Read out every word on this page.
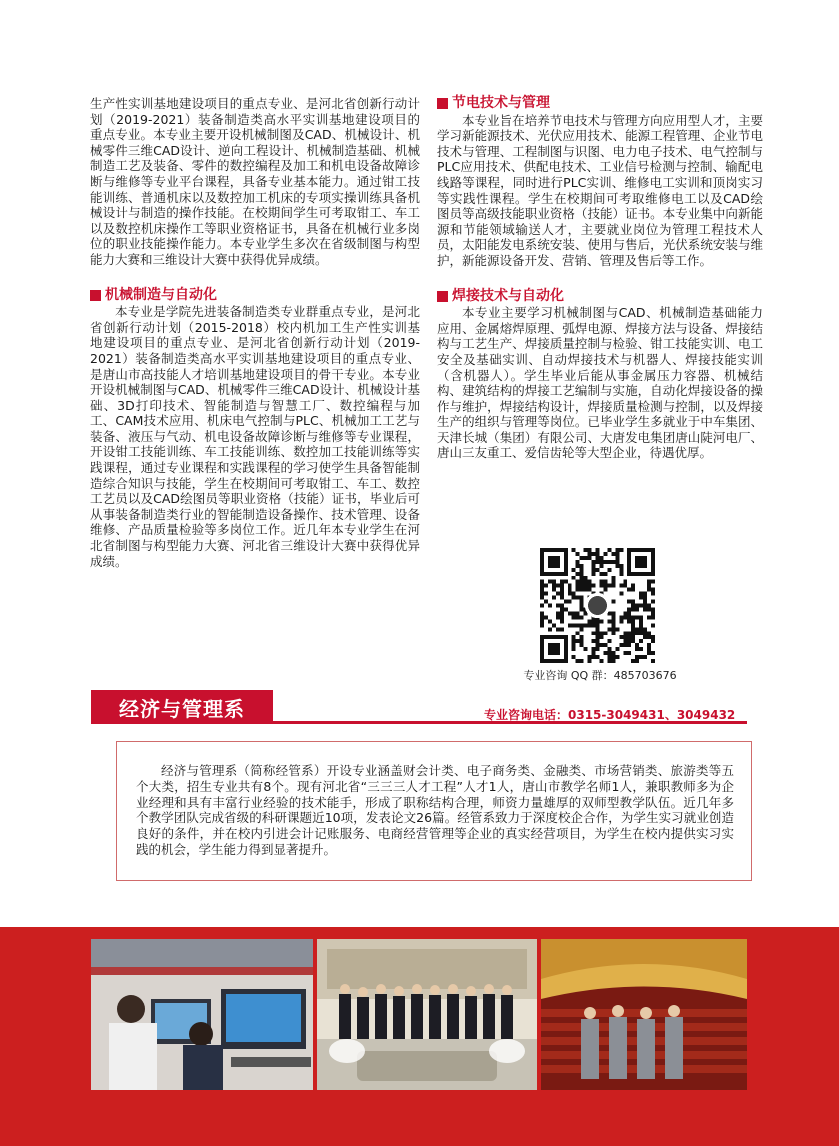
生产性实训基地建设项目的重点专业、是河北省创新行动计划（2019-2021）装备制造类高水平实训基地建设项目的重点专业。本专业主要开设机械制图及CAD、机械设计、机械零件三维CAD设计、逆向工程设计、机械制造基础、机械制造工艺及装备、零件的数控编程及加工和机电设备故障诊断与维修等专业平台课程，具备专业基本能力。通过钳工技能训练、普通机床以及数控加工机床的专项实操训练具备机械设计与制造的操作技能。在校期间学生可考取钳工、车工以及数控机床操作工等职业资格证书，具备在机械行业多岗位的职业技能操作能力。本专业学生多次在省级制图与构型能力大赛和三维设计大赛中获得优异成绩。

机械制造与自动化

本专业是学院先进装备制造类专业群重点专业，是河北省创新行动计划（2015-2018）校内机加工生产性实训基地建设项目的重点专业、是河北省创新行动计划（2019-2021）装备制造类高水平实训基地建设项目的重点专业、是唐山市高技能人才培训基地建设项目的骨干专业。本专业开设机械制图与CAD、机械零件三维CAD设计、机械设计基础、3D打印技术、智能制造与智慧工厂、数控编程与加工、CAM技术应用、机床电气控制与PLC、机械加工工艺与装备、液压与气动、机电设备故障诊断与维修等专业课程，开设钳工技能训练、车工技能训练、数控加工技能训练等实践课程，通过专业课程和实践课程的学习使学生具备智能制造综合知识与技能，学生在校期间可考取钳工、车工、数控工艺员以及CAD绘图员等职业资格（技能）证书，毕业后可从事装备制造类行业的智能制造设备操作、技术管理、设备维修、产品质量检验等多岗位工作。近几年本专业学生在河北省制图与构型能力大赛、河北省三维设计大赛中获得优异成绩。

节电技术与管理

本专业旨在培养节电技术与管理方向应用型人才，主要学习新能源技术、光伏应用技术、能源工程管理、企业节电技术与管理、工程制图与识图、电力电子技术、电气控制与PLC应用技术、供配电技术、工业信号检测与控制、输配电线路等课程，同时进行PLC实训、维修电工实训和顶岗实习等实践性课程。学生在校期间可考取维修电工以及CAD绘图员等高级技能职业资格（技能）证书。本专业集中向新能源和节能领域输送人才，主要就业岗位为管理工程技术人员，太阳能发电系统安装、使用与售后，光伏系统安装与维护，新能源设备开发、营销、管理及售后等工作。

焊接技术与自动化

本专业主要学习机械制图与CAD、机械制造基础能力应用、金属熔焊原理、弧焊电源、焊接方法与设备、焊接结构与工艺生产、焊接质量控制与检验、钳工技能实训、电工安全及基础实训、自动焊接技术与机器人、焊接技能实训（含机器人）。学生毕业后能从事金属压力容器、机械结构、建筑结构的焊接工艺编制与实施，自动化焊接设备的操作与维护，焊接结构设计，焊接质量检测与控制，以及焊接生产的组织与管理等岗位。已毕业学生多就业于中车集团、天津长城（集团）有限公司、大唐发电集团唐山陡河电厂、唐山三友重工、爱信齿轮等大型企业，待遇优厚。

专业咨询 QQ 群：485703676
经济与管理系	专业咨询电话：0315-3049431、3049432

经济与管理系（简称经管系）开设专业涵盖财会计类、电子商务类、金融类、市场营销类、旅游类等五个大类，招生专业共有8个。现有河北省“三三三人才工程”人才1人，唐山市教学名师1人，兼职教师多为企业经理和具有丰富行业经验的技术能手，形成了职称结构合理，师资力量雄厚的双师型教学队伍。近几年多个教学团队完成省级的科研课题近10项，发表论文26篇。经管系致力于深度校企合作，为学生实习就业创造良好的条件，并在校内引进会计记账服务、电商经营管理等企业的真实经营项目，为学生在校内提供实习实践的机会，学生能力得到显著提升。
